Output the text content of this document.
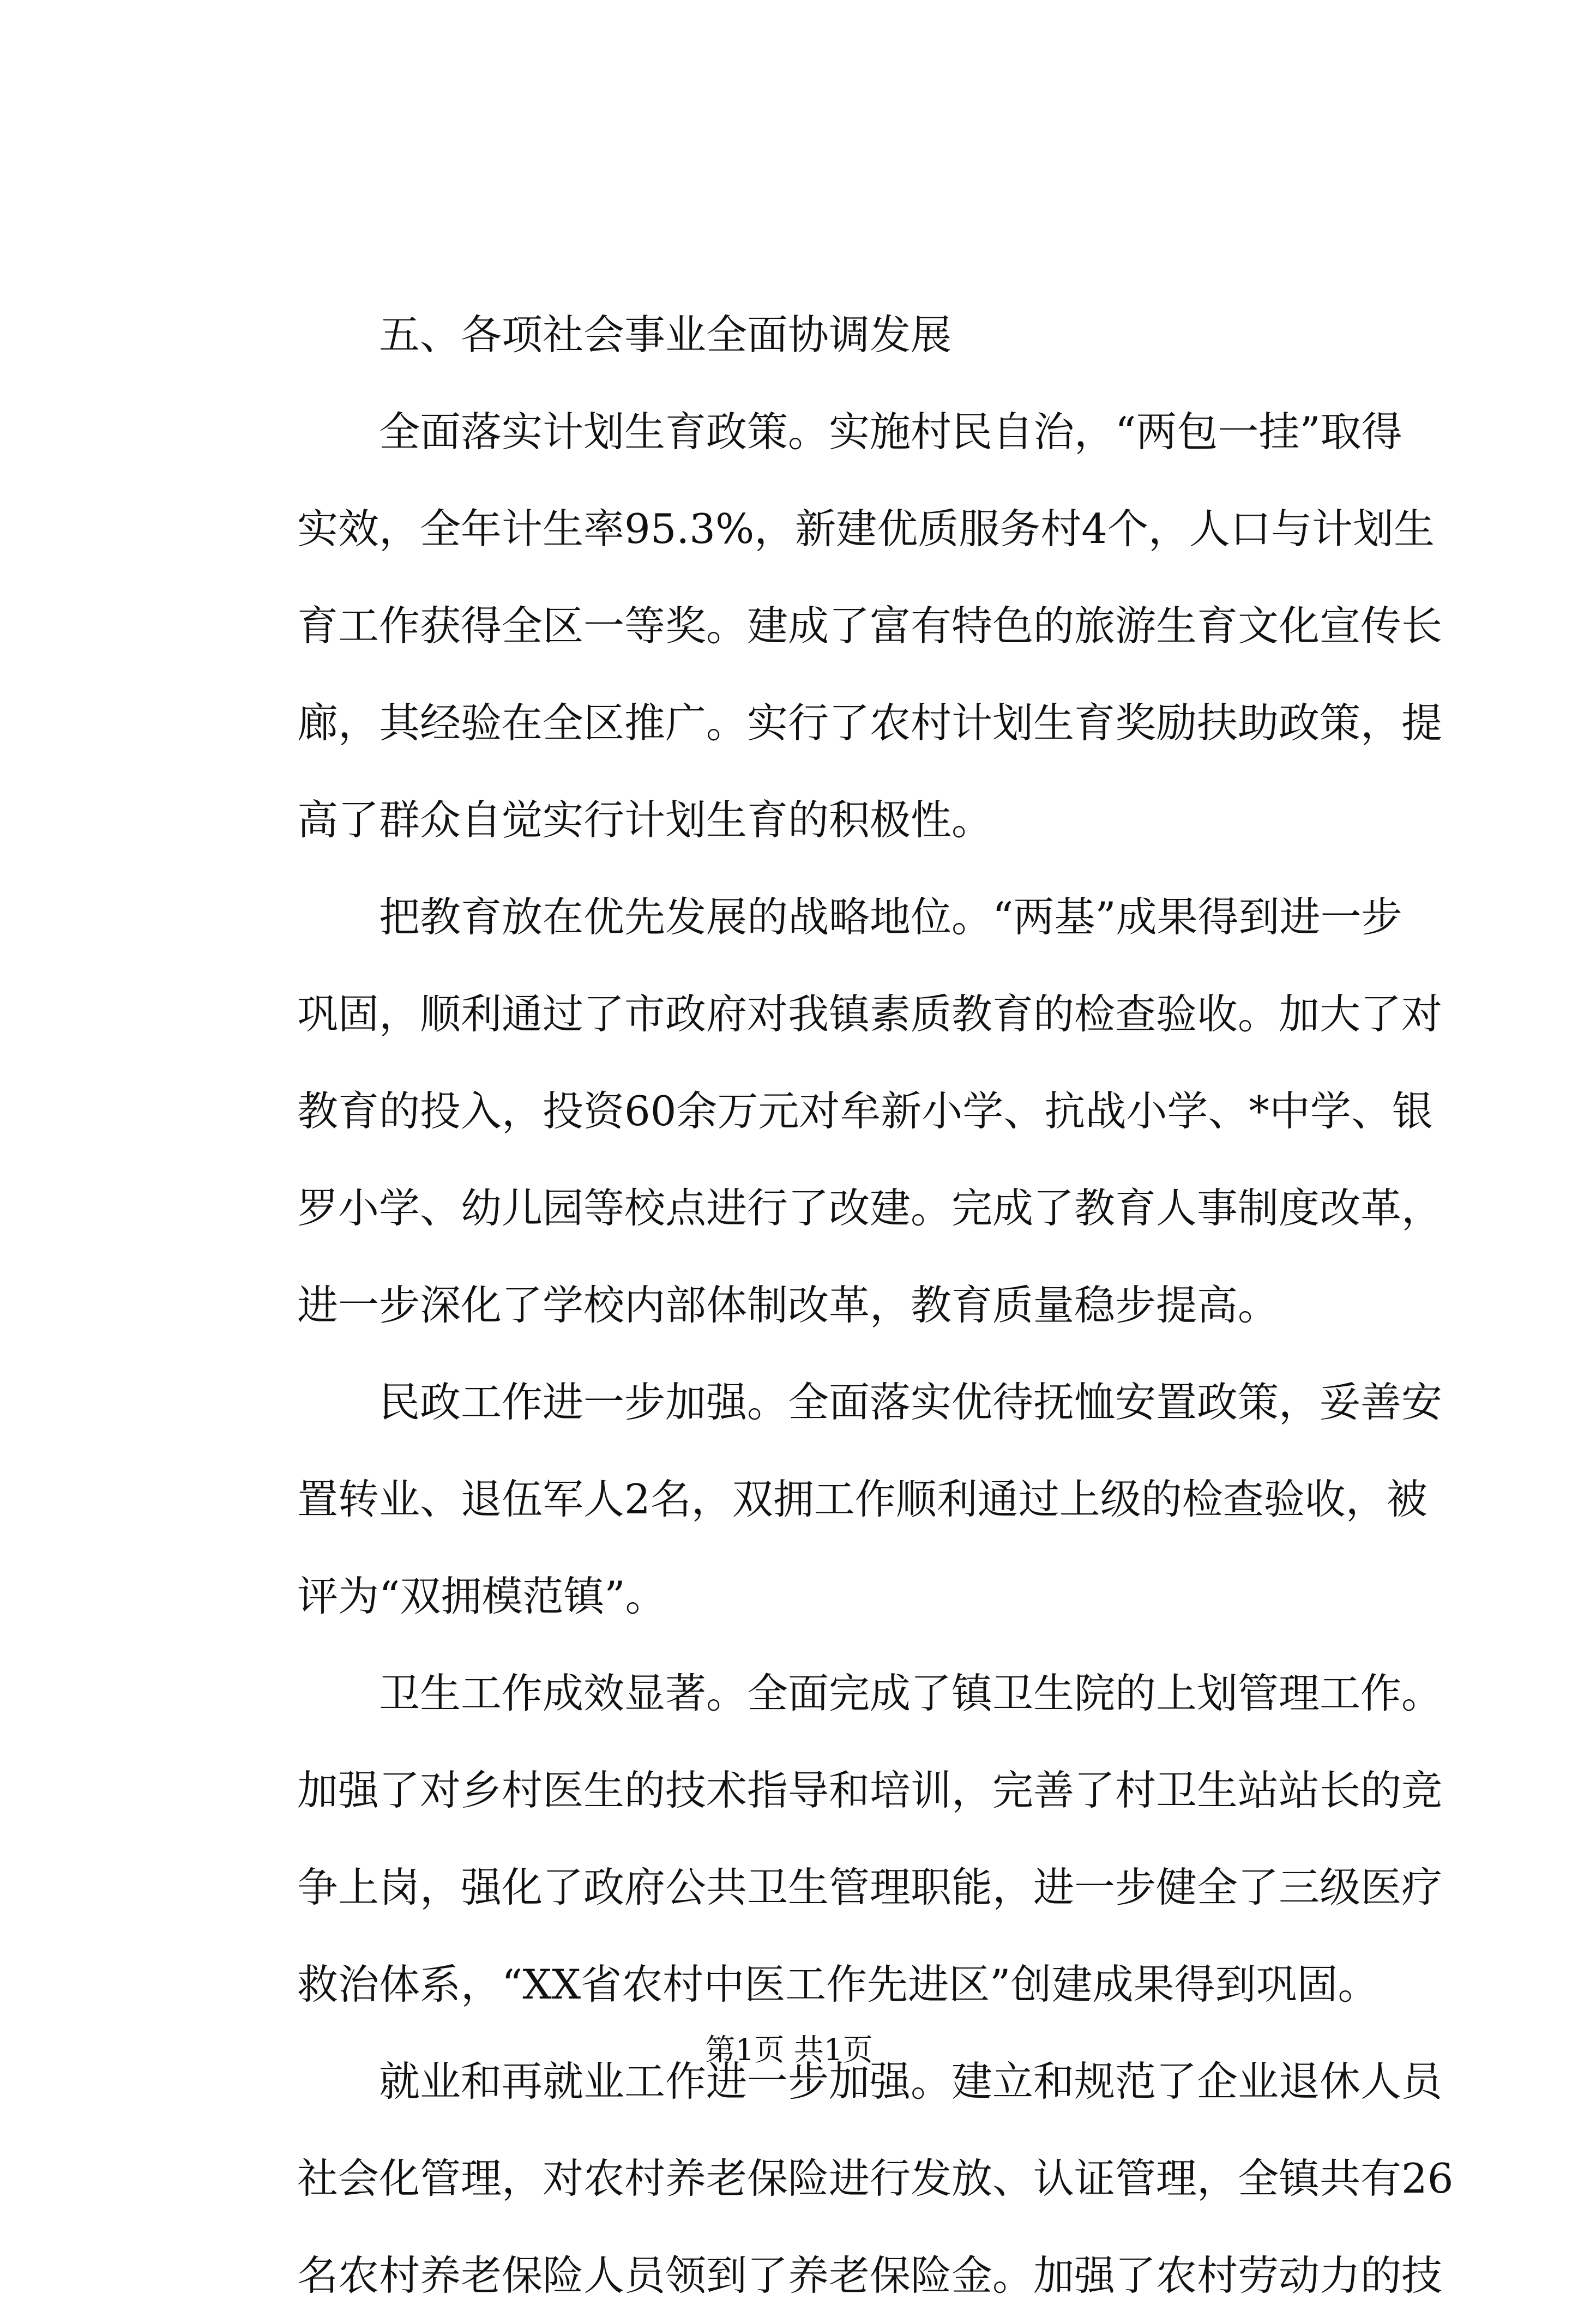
五、各项社会事业全面协调发展
全面落实计划生育政策。实施村民自治，“两包一挂”取得
实效，全年计生率95.3%，新建优质服务村4个，人口与计划生
育工作获得全区一等奖。建成了富有特色的旅游生育文化宣传长
廊，其经验在全区推广。实行了农村计划生育奖励扶助政策，提
高了群众自觉实行计划生育的积极性。
把教育放在优先发展的战略地位。“两基”成果得到进一步
巩固，顺利通过了市政府对我镇素质教育的检查验收。加大了对
教育的投入，投资60余万元对牟新小学、抗战小学、*中学、银
罗小学、幼儿园等校点进行了改建。完成了教育人事制度改革，
进一步深化了学校内部体制改革，教育质量稳步提高。
民政工作进一步加强。全面落实优待抚恤安置政策，妥善安
置转业、退伍军人2名，双拥工作顺利通过上级的检查验收，被
评为“双拥模范镇”。
卫生工作成效显著。全面完成了镇卫生院的上划管理工作。
加强了对乡村医生的技术指导和培训，完善了村卫生站站长的竞
争上岗，强化了政府公共卫生管理职能，进一步健全了三级医疗
救治体系，“XX省农村中医工作先进区”创建成果得到巩固。
就业和再就业工作进一步加强。建立和规范了企业退休人员
社会化管理，对农村养老保险进行发放、认证管理，全镇共有26
名农村养老保险人员领到了养老保险金。加强了农村劳动力的技
第1页 共1页
